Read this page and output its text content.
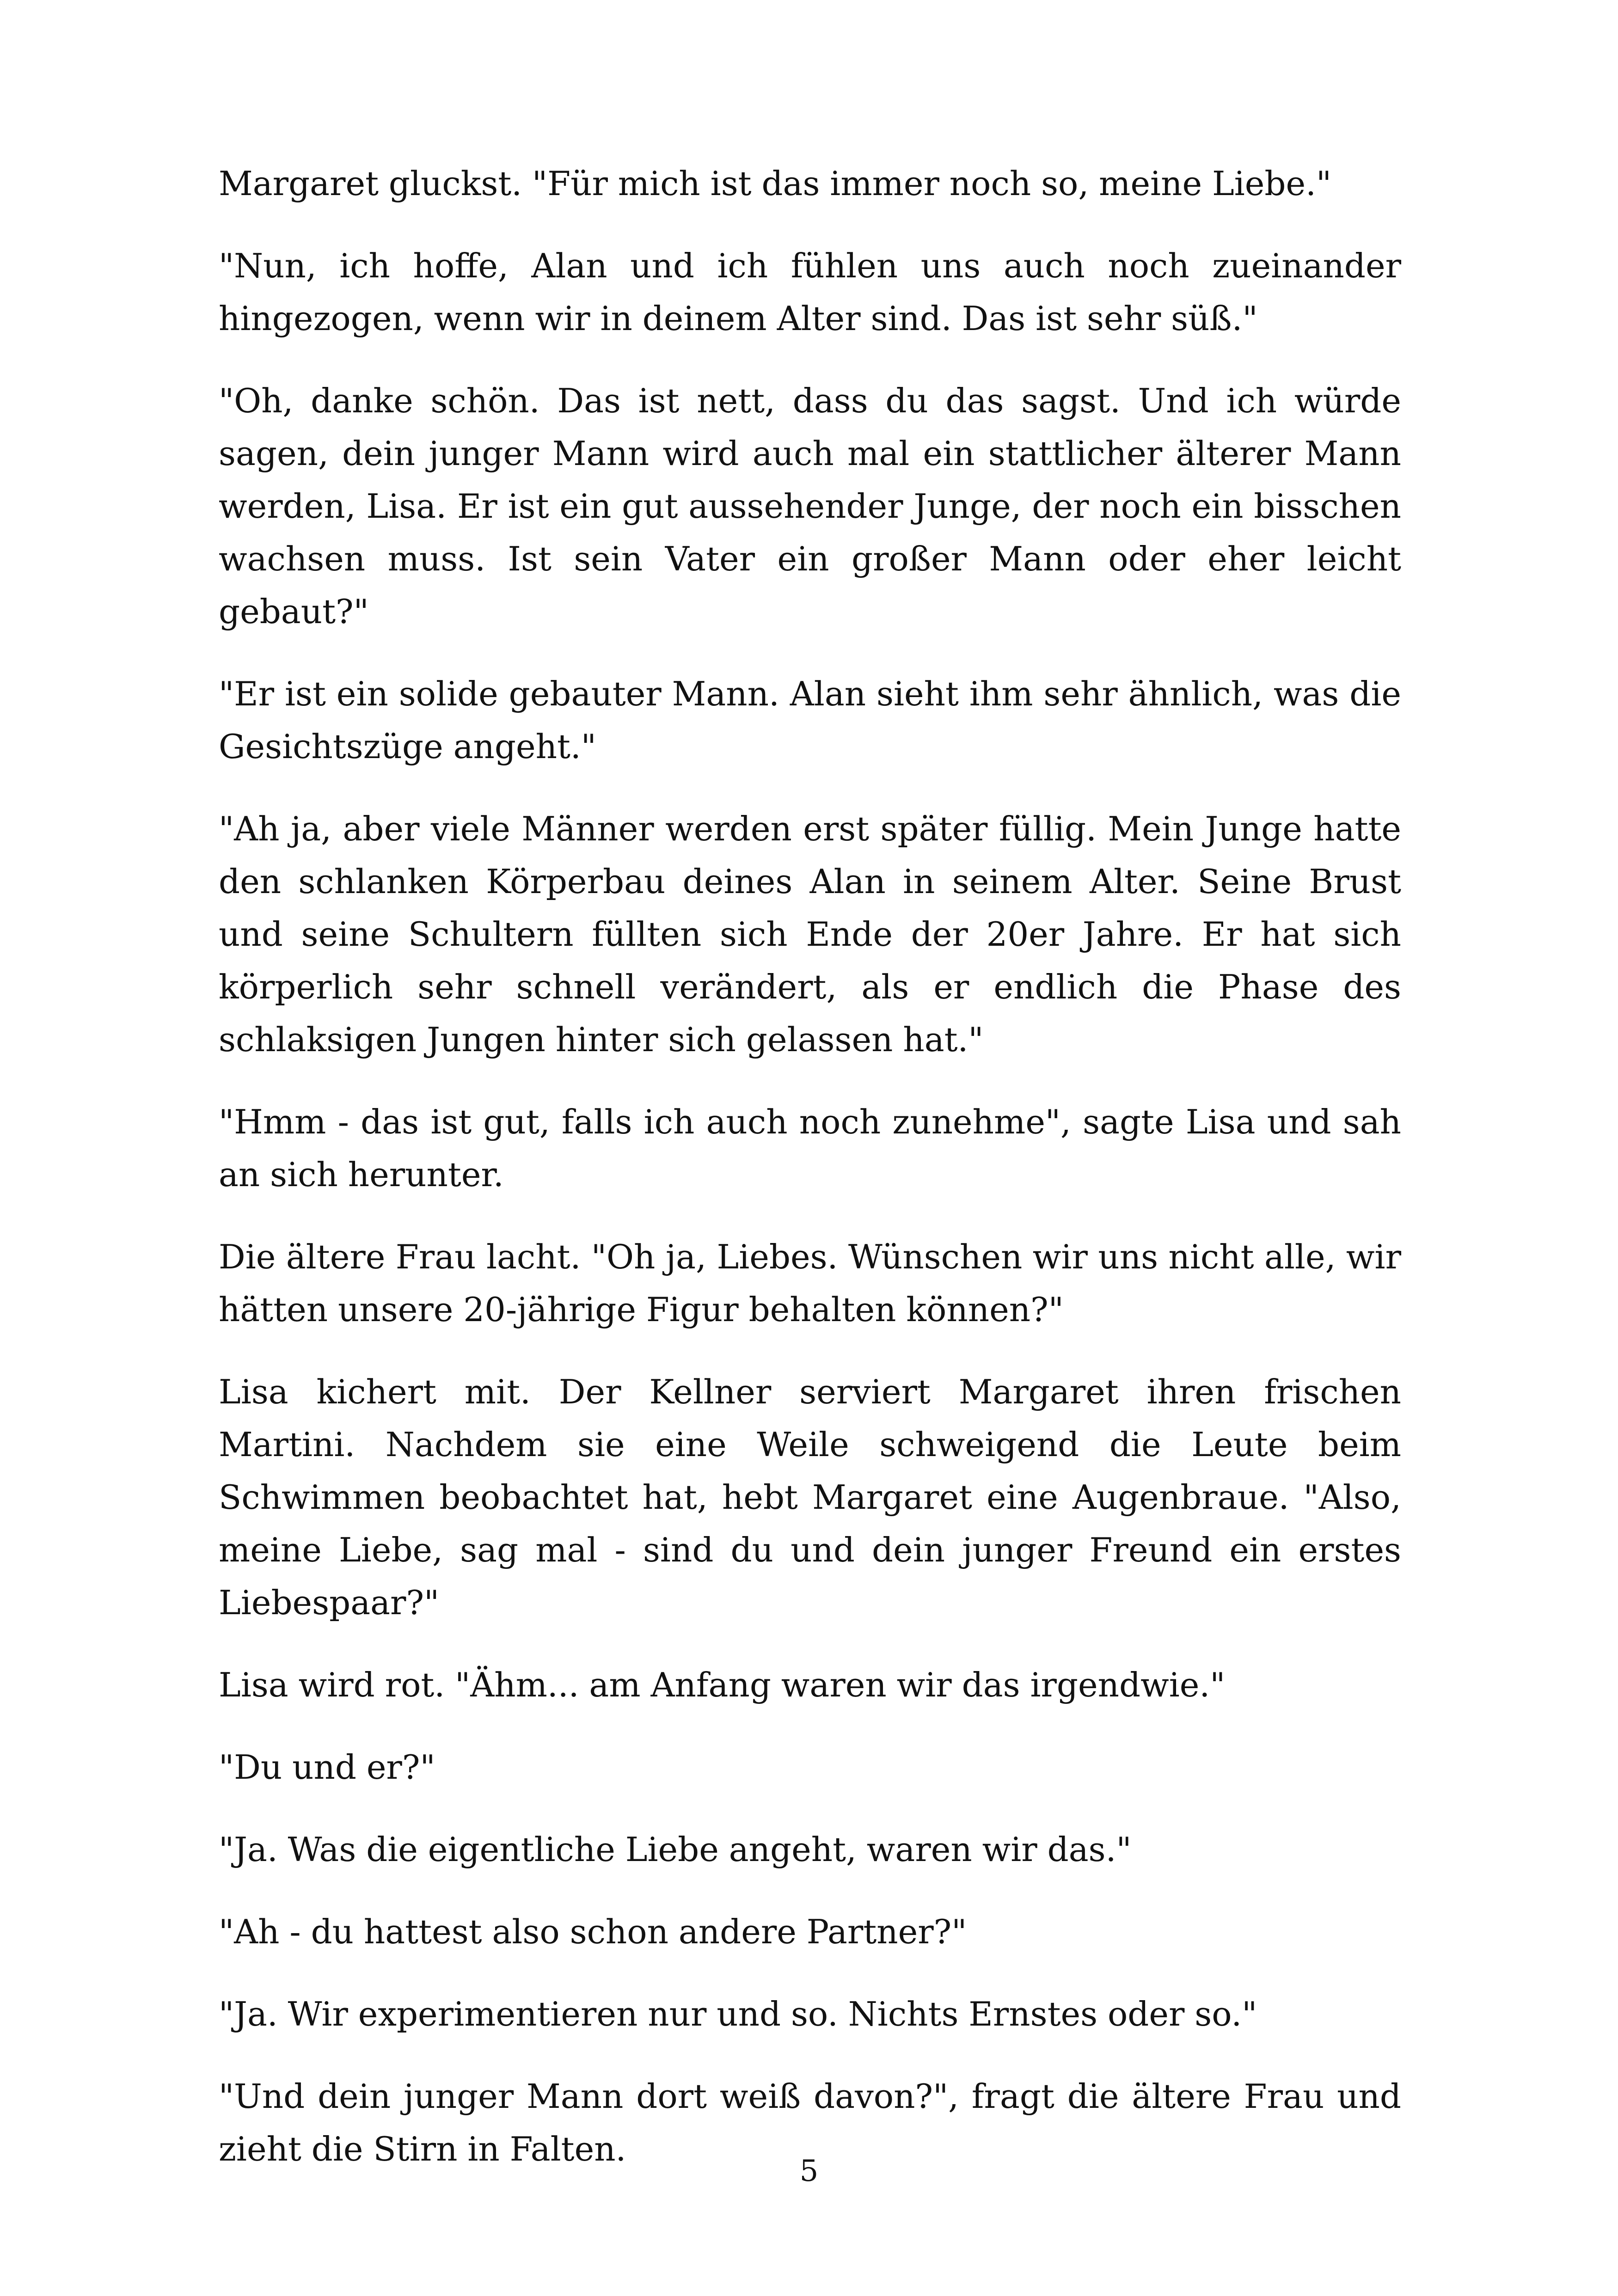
Margaret gluckst. "Für mich ist das immer noch so, meine Liebe."

"Nun, ich hoffe, Alan und ich fühlen uns auch noch zueinander hingezogen, wenn wir in deinem Alter sind. Das ist sehr süß."

"Oh, danke schön. Das ist nett, dass du das sagst. Und ich würde sagen, dein junger Mann wird auch mal ein stattlicher älterer Mann werden, Lisa. Er ist ein gut aussehender Junge, der noch ein bisschen wachsen muss. Ist sein Vater ein großer Mann oder eher leicht gebaut?"

"Er ist ein solide gebauter Mann. Alan sieht ihm sehr ähnlich, was die Gesichtszüge angeht."

"Ah ja, aber viele Männer werden erst später füllig. Mein Junge hatte den schlanken Körperbau deines Alan in seinem Alter. Seine Brust und seine Schultern füllten sich Ende der 20er Jahre. Er hat sich körperlich sehr schnell verändert, als er endlich die Phase des schlaksigen Jungen hinter sich gelassen hat."

"Hmm - das ist gut, falls ich auch noch zunehme", sagte Lisa und sah an sich herunter.

Die ältere Frau lacht. "Oh ja, Liebes. Wünschen wir uns nicht alle, wir hätten unsere 20-jährige Figur behalten können?"

Lisa kichert mit. Der Kellner serviert Margaret ihren frischen Martini. Nachdem sie eine Weile schweigend die Leute beim Schwimmen beobachtet hat, hebt Margaret eine Augenbraue. "Also, meine Liebe, sag mal - sind du und dein junger Freund ein erstes Liebespaar?"

Lisa wird rot. "Ähm... am Anfang waren wir das irgendwie."

"Du und er?"

"Ja. Was die eigentliche Liebe angeht, waren wir das."

"Ah - du hattest also schon andere Partner?"

"Ja. Wir experimentieren nur und so. Nichts Ernstes oder so."

"Und dein junger Mann dort weiß davon?", fragt die ältere Frau und zieht die Stirn in Falten.

5
